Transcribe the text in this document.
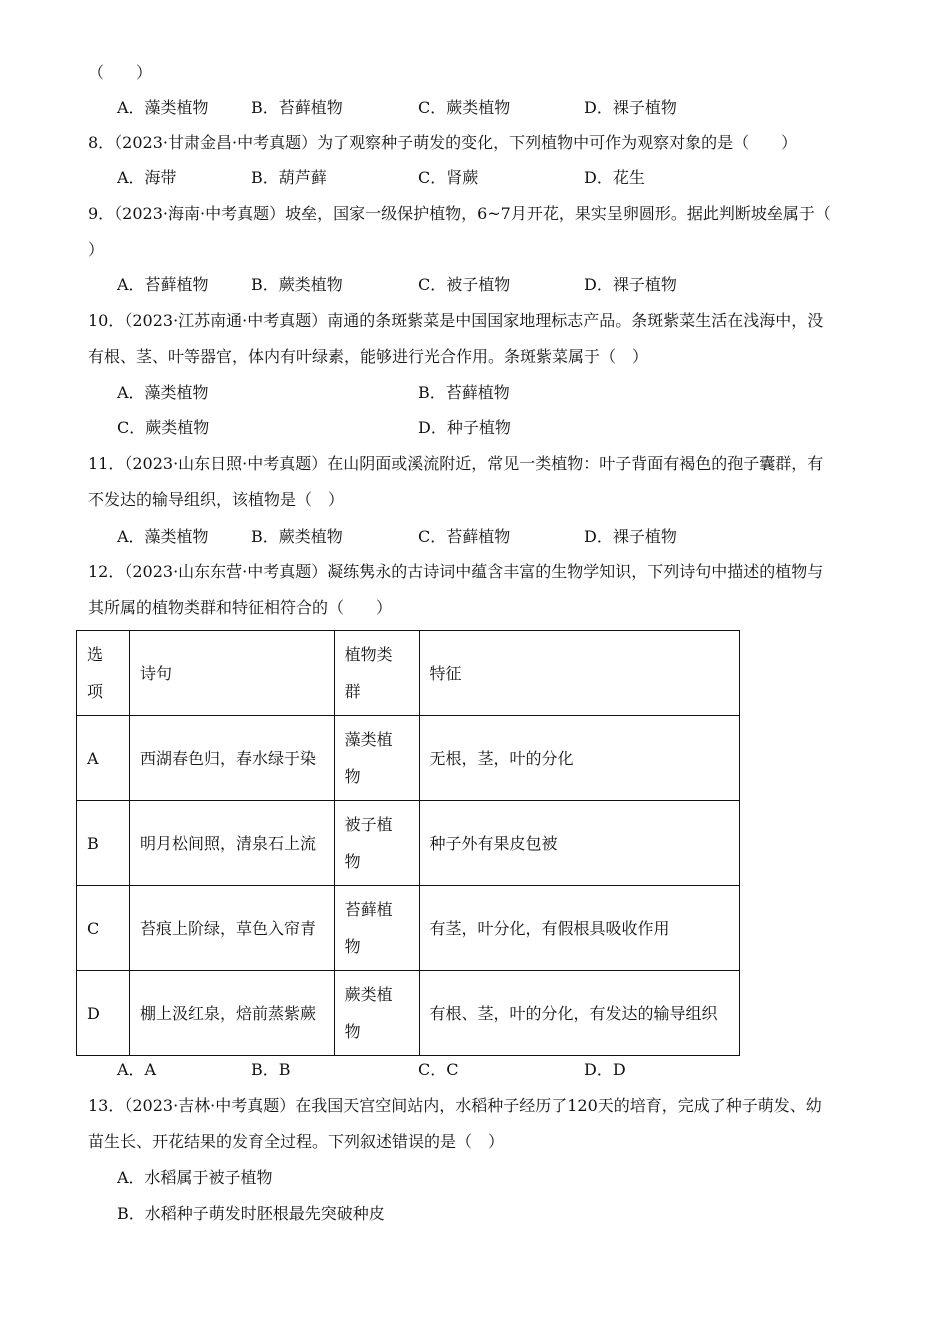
（　　）
A．藻类植物	B．苔藓植物	C．蕨类植物	D．裸子植物
8．（2023·甘肃金昌·中考真题）为了观察种子萌发的变化，下列植物中可作为观察对象的是（　　）
A．海带	B．葫芦藓	C．肾蕨	D．花生
9．（2023·海南·中考真题）坡垒，国家一级保护植物，6~7月开花，果实呈卵圆形。据此判断坡垒属于（
）
A．苔藓植物	B．蕨类植物	C．被子植物	D．裸子植物
10．（2023·江苏南通·中考真题）南通的条斑紫菜是中国国家地理标志产品。条斑紫菜生活在浅海中，没
有根、茎、叶等器官，体内有叶绿素，能够进行光合作用。条斑紫菜属于（　）
A．藻类植物	B．苔藓植物
C．蕨类植物	D．种子植物
11．（2023·山东日照·中考真题）在山阴面或溪流附近，常见一类植物：叶子背面有褐色的孢子囊群，有
不发达的输导组织，该植物是（　）
A．藻类植物	B．蕨类植物	C．苔藓植物	D．裸子植物
12．（2023·山东东营·中考真题）凝练隽永的古诗词中蕴含丰富的生物学知识，下列诗句中描述的植物与
其所属的植物类群和特征相符合的（　　）
选项	诗句	植物类群	特征
A	西湖春色归，春水绿于染	藻类植物	无根，茎，叶的分化
B	明月松间照，清泉石上流	被子植物	种子外有果皮包被
C	苔痕上阶绿，草色入帘青	苔藓植物	有茎，叶分化，有假根具吸收作用
D	棚上汲红泉，焙前蒸紫蕨	蕨类植物	有根、茎，叶的分化，有发达的输导组织
A．A	B．B	C．C	D．D
13．（2023·吉林·中考真题）在我国天宫空间站内，水稻种子经历了120天的培育，完成了种子萌发、幼
苗生长、开花结果的发育全过程。下列叙述错误的是（　）
A．水稻属于被子植物
B．水稻种子萌发时胚根最先突破种皮
